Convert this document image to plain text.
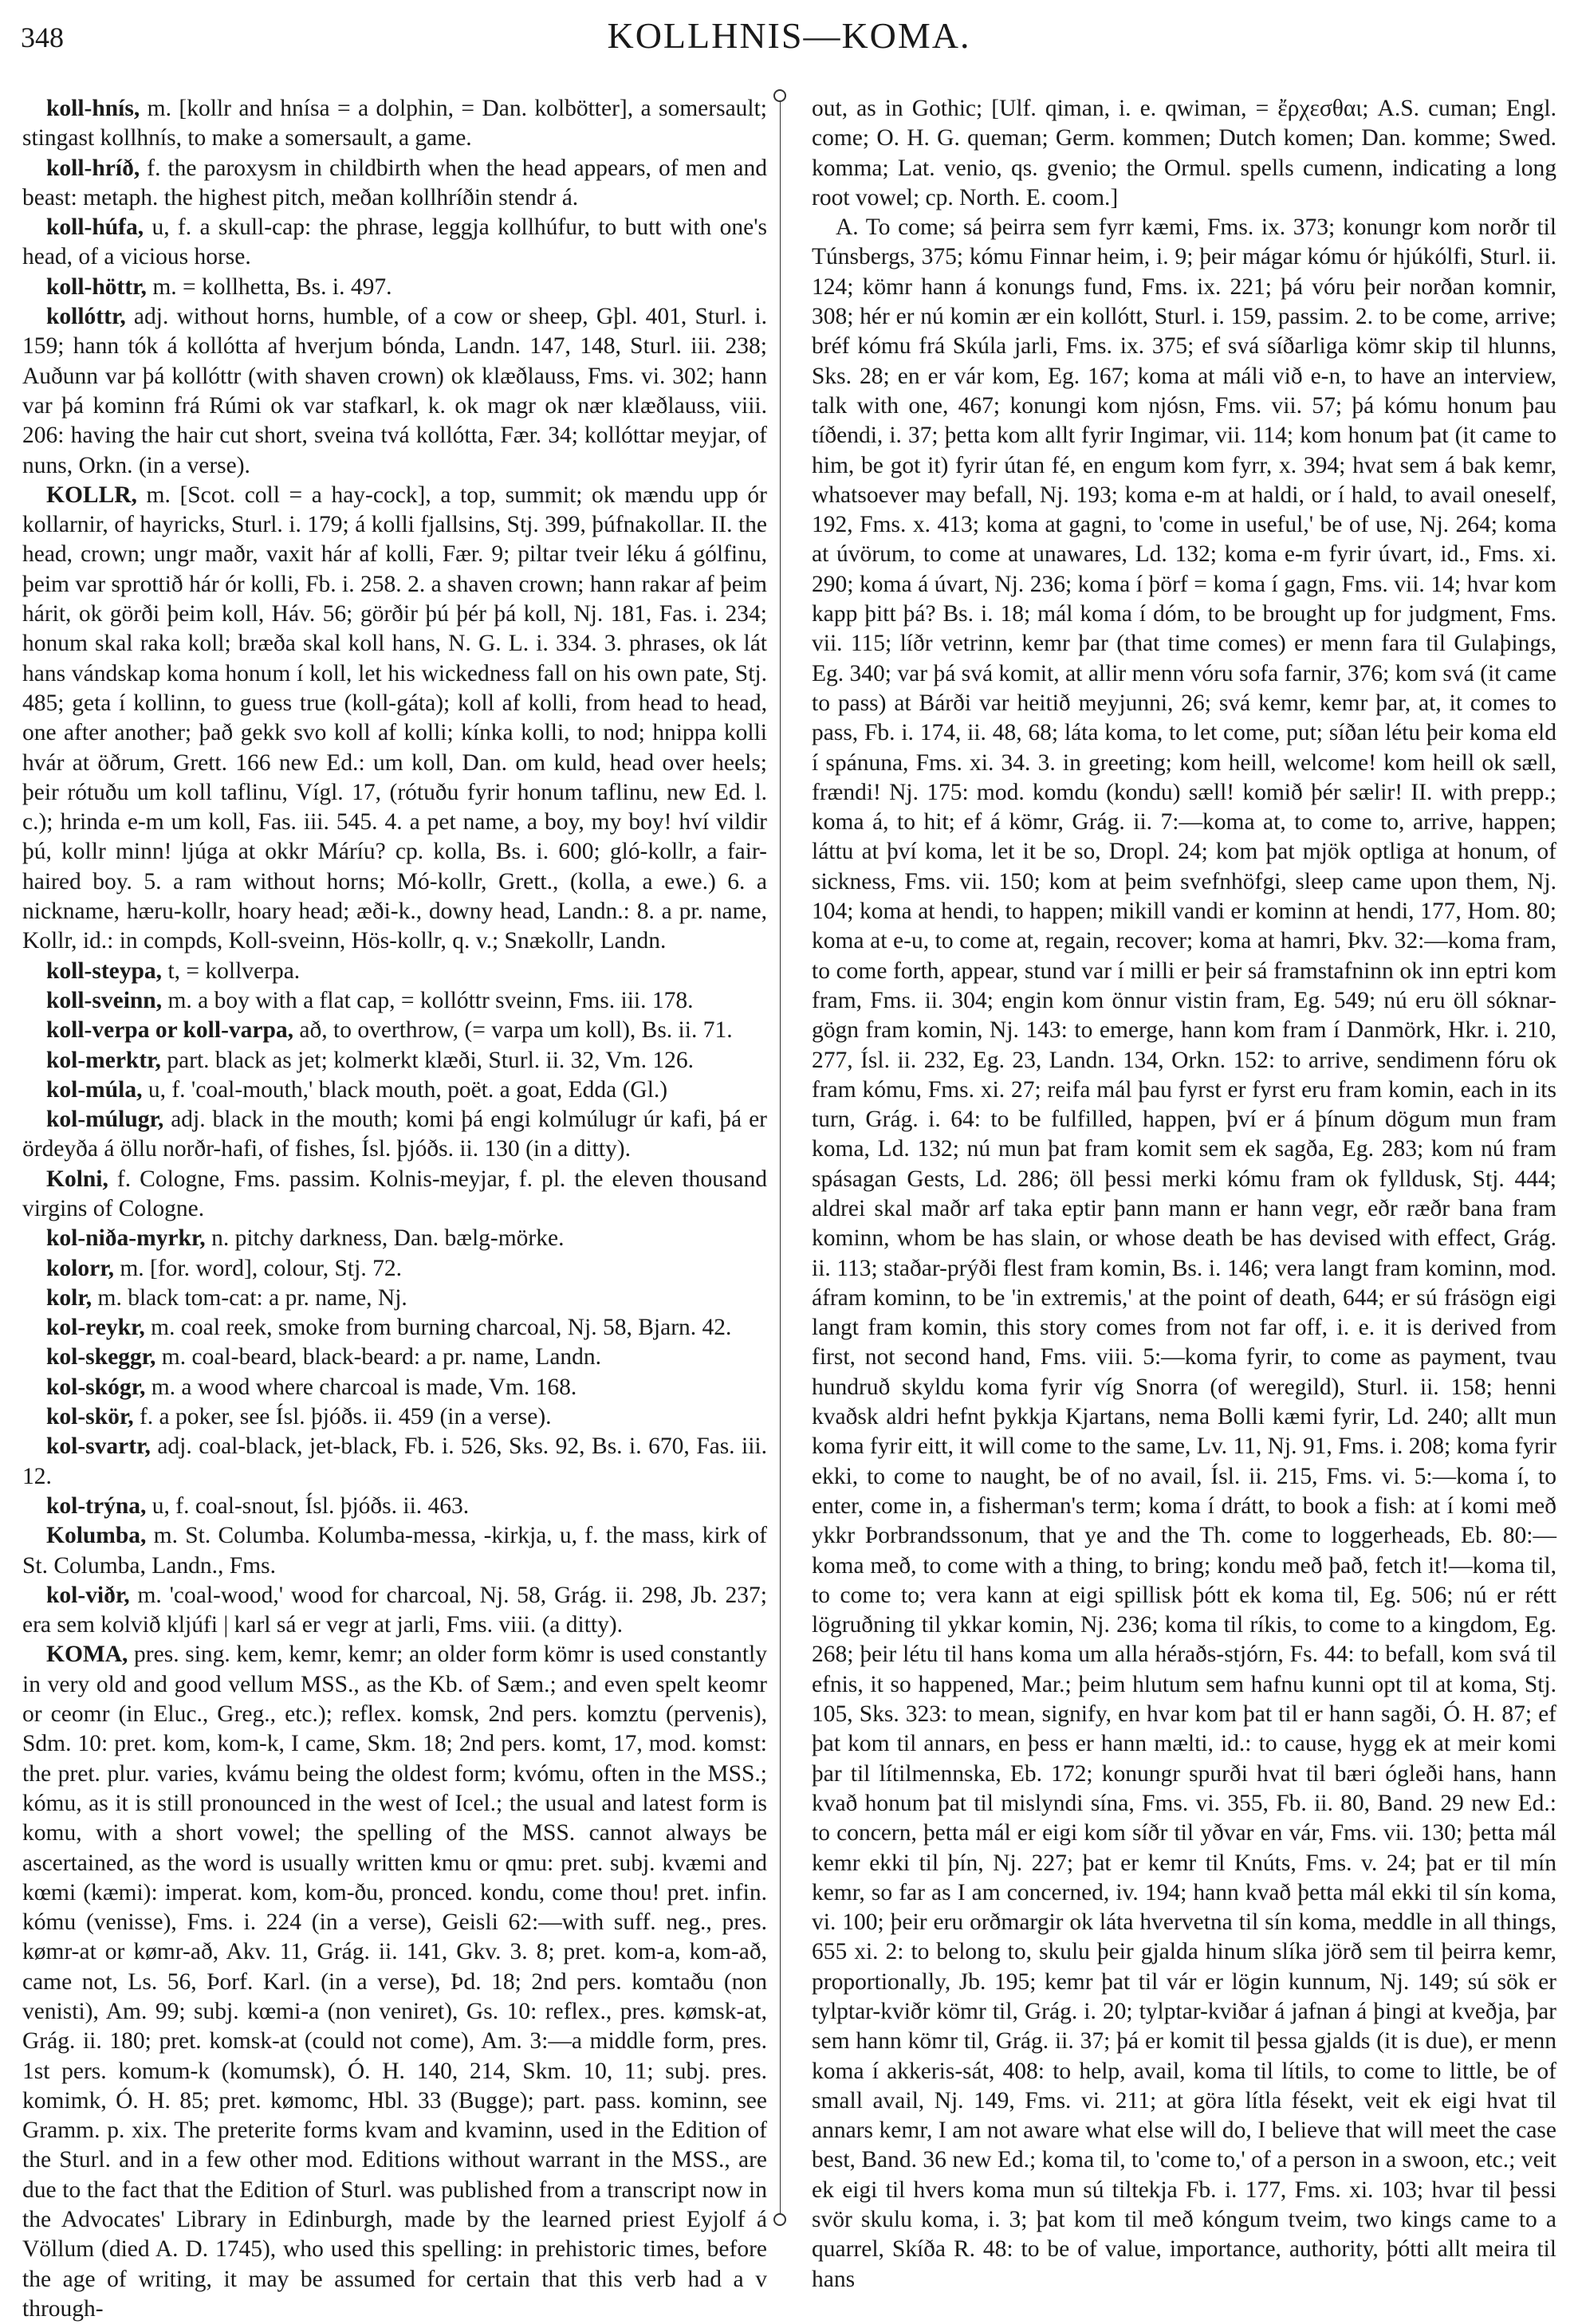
348	KOLLHNIS—KOMA.

koll-hnís, m. [kollr and hnísa = a dolphin, = Dan. kolbötter], a somersault; stingast kollhnís, to make a somersault, a game.

koll-hríð, f. the paroxysm in childbirth when the head appears, of men and beast: metaph. the highest pitch, meðan kollhríðin stendr á.

koll-húfa, u, f. a skull-cap: the phrase, leggja kollhúfur, to butt with one's head, of a vicious horse.

koll-höttr, m. = kollhetta, Bs. i. 497.

kollóttr, adj. without horns, humble, of a cow or sheep, Gþl. 401, Sturl. i. 159; hann tók á kollótta af hverjum bónda, Landn. 147, 148, Sturl. iii. 238; Auðunn var þá kollóttr (with shaven crown) ok klæðlauss, Fms. vi. 302; hann var þá kominn frá Rúmi ok var stafkarl, k. ok magr ok nær klæðlauss, viii. 206: having the hair cut short, sveina tvá kollótta, Fær. 34; kollóttar meyjar, of nuns, Orkn. (in a verse).

KOLLR, m. [Scot. coll = a hay-cock], a top, summit; ok mændu upp ór kollarnir, of hayricks, Sturl. i. 179; á kolli fjallsins, Stj. 399, þúfnakollar. II. the head, crown; ungr maðr, vaxit hár af kolli, Fær. 9; piltar tveir léku á gólfinu, þeim var sprottið hár ór kolli, Fb. i. 258. 2. a shaven crown; hann rakar af þeim hárit, ok görði þeim koll, Háv. 56; görðir þú þér þá koll, Nj. 181, Fas. i. 234; honum skal raka koll; bræða skal koll hans, N. G. L. i. 334. 3. phrases, ok lát hans vándskap koma honum í koll, let his wickedness fall on his own pate, Stj. 485; geta í kollinn, to guess true (koll-gáta); koll af kolli, from head to head, one after another; það gekk svo koll af kolli; kínka kolli, to nod; hnippa kolli hvár at öðrum, Grett. 166 new Ed.: um koll, Dan. om kuld, head over heels; þeir rótuðu um koll taflinu, Vígl. 17, (rótuðu fyrir honum taflinu, new Ed. l. c.); hrinda e-m um koll, Fas. iii. 545. 4. a pet name, a boy, my boy! hví vildir þú, kollr minn! ljúga at okkr Máríu? cp. kolla, Bs. i. 600; gló-kollr, a fair-haired boy. 5. a ram without horns; Mó-kollr, Grett., (kolla, a ewe.) 6. a nickname, hæru-kollr, hoary head; æði-k., downy head, Landn.: 8. a pr. name, Kollr, id.: in compds, Koll-sveinn, Hös-kollr, q. v.; Snækollr, Landn.

koll-steypa, t, = kollverpa.

koll-sveinn, m. a boy with a flat cap, = kollóttr sveinn, Fms. iii. 178.

koll-verpa or koll-varpa, að, to overthrow, (= varpa um koll), Bs. ii. 71.

kol-merktr, part. black as jet; kolmerkt klæði, Sturl. ii. 32, Vm. 126.

kol-múla, u, f. 'coal-mouth,' black mouth, poët. a goat, Edda (Gl.)

kol-múlugr, adj. black in the mouth; komi þá engi kolmúlugr úr kafi, þá er ördeyða á öllu norðr-hafi, of fishes, Ísl. þjóðs. ii. 130 (in a ditty).

Kolni, f. Cologne, Fms. passim. Kolnis-meyjar, f. pl. the eleven thousand virgins of Cologne.

kol-niða-myrkr, n. pitchy darkness, Dan. bælg-mörke.

kolorr, m. [for. word], colour, Stj. 72.

kolr, m. black tom-cat: a pr. name, Nj.

kol-reykr, m. coal reek, smoke from burning charcoal, Nj. 58, Bjarn. 42.

kol-skeggr, m. coal-beard, black-beard: a pr. name, Landn.

kol-skógr, m. a wood where charcoal is made, Vm. 168.

kol-skör, f. a poker, see Ísl. þjóðs. ii. 459 (in a verse).

kol-svartr, adj. coal-black, jet-black, Fb. i. 526, Sks. 92, Bs. i. 670, Fas. iii. 12.

kol-trýna, u, f. coal-snout, Ísl. þjóðs. ii. 463.

Kolumba, m. St. Columba. Kolumba-messa, -kirkja, u, f. the mass, kirk of St. Columba, Landn., Fms.

kol-viðr, m. 'coal-wood,' wood for charcoal, Nj. 58, Grág. ii. 298, Jb. 237; era sem kolvið kljúfi | karl sá er vegr at jarli, Fms. viii. (a ditty).

KOMA, pres. sing. kem, kemr, kemr; an older form kömr is used constantly in very old and good vellum MSS., as the Kb. of Sæm.; and even spelt keomr or ceomr (in Eluc., Greg., etc.); reflex. komsk, 2nd pers. komztu (pervenis), Sdm. 10: pret. kom, kom-k, I came, Skm. 18; 2nd pers. komt, 17, mod. komst: the pret. plur. varies, kvámu being the oldest form; kvómu, often in the MSS.; kómu, as it is still pronounced in the west of Icel.; the usual and latest form is komu, with a short vowel; the spelling of the MSS. cannot always be ascertained, as the word is usually written kmu or qmu: pret. subj. kvæmi and kœmi (kæmi): imperat. kom, kom-ðu, pronced. kondu, come thou! pret. infin. kómu (venisse), Fms. i. 224 (in a verse), Geisli 62:—with suff. neg., pres. kømr-at or kømr-að, Akv. 11, Grág. ii. 141, Gkv. 3. 8; pret. kom-a, kom-að, came not, Ls. 56, Þorf. Karl. (in a verse), Þd. 18; 2nd pers. komtaðu (non venisti), Am. 99; subj. kœmi-a (non veniret), Gs. 10: reflex., pres. kømsk-at, Grág. ii. 180; pret. komsk-at (could not come), Am. 3:—a middle form, pres. 1st pers. komum-k (komumsk), Ó. H. 140, 214, Skm. 10, 11; subj. pres. komimk, Ó. H. 85; pret. kømomc, Hbl. 33 (Bugge); part. pass. kominn, see Gramm. p. xix. The preterite forms kvam and kvaminn, used in the Edition of the Sturl. and in a few other mod. Editions without warrant in the MSS., are due to the fact that the Edition of Sturl. was published from a transcript now in the Advocates' Library in Edinburgh, made by the learned priest Eyjolf á Völlum (died A. D. 1745), who used this spelling: in prehistoric times, before the age of writing, it may be assumed for certain that this verb had a v through-

out, as in Gothic; [Ulf. qiman, i. e. qwiman, = ἔρχεσθαι; A.S. cuman; Engl. come; O. H. G. queman; Germ. kommen; Dutch komen; Dan. komme; Swed. komma; Lat. venio, qs. gvenio; the Ormul. spells cumenn, indicating a long root vowel; cp. North. E. coom.]

A. To come; sá þeirra sem fyrr kæmi, Fms. ix. 373; konungr kom norðr til Túnsbergs, 375; kómu Finnar heim, i. 9; þeir mágar kómu ór hjúkólfi, Sturl. ii. 124; kömr hann á konungs fund, Fms. ix. 221; þá vóru þeir norðan komnir, 308; hér er nú komin ær ein kollótt, Sturl. i. 159, passim. 2. to be come, arrive; bréf kómu frá Skúla jarli, Fms. ix. 375; ef svá síðarliga kömr skip til hlunns, Sks. 28; en er vár kom, Eg. 167; koma at máli við e-n, to have an interview, talk with one, 467; konungi kom njósn, Fms. vii. 57; þá kómu honum þau tíðendi, i. 37; þetta kom allt fyrir Ingimar, vii. 114; kom honum þat (it came to him, be got it) fyrir útan fé, en engum kom fyrr, x. 394; hvat sem á bak kemr, whatsoever may befall, Nj. 193; koma e-m at haldi, or í hald, to avail oneself, 192, Fms. x. 413; koma at gagni, to 'come in useful,' be of use, Nj. 264; koma at úvörum, to come at unawares, Ld. 132; koma e-m fyrir úvart, id., Fms. xi. 290; koma á úvart, Nj. 236; koma í þörf = koma í gagn, Fms. vii. 14; hvar kom kapp þitt þá? Bs. i. 18; mál koma í dóm, to be brought up for judgment, Fms. vii. 115; líðr vetrinn, kemr þar (that time comes) er menn fara til Gulaþings, Eg. 340; var þá svá komit, at allir menn vóru sofa farnir, 376; kom svá (it came to pass) at Bárði var heitið meyjunni, 26; svá kemr, kemr þar, at, it comes to pass, Fb. i. 174, ii. 48, 68; láta koma, to let come, put; síðan létu þeir koma eld í spánuna, Fms. xi. 34. 3. in greeting; kom heill, welcome! kom heill ok sæll, frændi! Nj. 175: mod. komdu (kondu) sæll! komið þér sælir! II. with prepp.; koma á, to hit; ef á kömr, Grág. ii. 7:—koma at, to come to, arrive, happen; láttu at því koma, let it be so, Dropl. 24; kom þat mjök optliga at honum, of sickness, Fms. vii. 150; kom at þeim svefnhöfgi, sleep came upon them, Nj. 104; koma at hendi, to happen; mikill vandi er kominn at hendi, 177, Hom. 80; koma at e-u, to come at, regain, recover; koma at hamri, Þkv. 32:—koma fram, to come forth, appear, stund var í milli er þeir sá framstafninn ok inn eptri kom fram, Fms. ii. 304; engin kom önnur vistin fram, Eg. 549; nú eru öll sóknar-gögn fram komin, Nj. 143: to emerge, hann kom fram í Danmörk, Hkr. i. 210, 277, Ísl. ii. 232, Eg. 23, Landn. 134, Orkn. 152: to arrive, sendimenn fóru ok fram kómu, Fms. xi. 27; reifa mál þau fyrst er fyrst eru fram komin, each in its turn, Grág. i. 64: to be fulfilled, happen, því er á þínum dögum mun fram koma, Ld. 132; nú mun þat fram komit sem ek sagða, Eg. 283; kom nú fram spásagan Gests, Ld. 286; öll þessi merki kómu fram ok fylldusk, Stj. 444; aldrei skal maðr arf taka eptir þann mann er hann vegr, eðr ræðr bana fram kominn, whom be has slain, or whose death be has devised with effect, Grág. ii. 113; staðar-prýði flest fram komin, Bs. i. 146; vera langt fram kominn, mod. áfram kominn, to be 'in extremis,' at the point of death, 644; er sú frásögn eigi langt fram komin, this story comes from not far off, i. e. it is derived from first, not second hand, Fms. viii. 5:—koma fyrir, to come as payment, tvau hundruð skyldu koma fyrir víg Snorra (of weregild), Sturl. ii. 158; henni kvaðsk aldri hefnt þykkja Kjartans, nema Bolli kæmi fyrir, Ld. 240; allt mun koma fyrir eitt, it will come to the same, Lv. 11, Nj. 91, Fms. i. 208; koma fyrir ekki, to come to naught, be of no avail, Ísl. ii. 215, Fms. vi. 5:—koma í, to enter, come in, a fisherman's term; koma í drátt, to book a fish: at í komi með ykkr Þorbrandssonum, that ye and the Th. come to loggerheads, Eb. 80:—koma með, to come with a thing, to bring; kondu með það, fetch it!—koma til, to come to; vera kann at eigi spillisk þótt ek koma til, Eg. 506; nú er rétt lögruðning til ykkar komin, Nj. 236; koma til ríkis, to come to a kingdom, Eg. 268; þeir létu til hans koma um alla héraðs-stjórn, Fs. 44: to befall, kom svá til efnis, it so happened, Mar.; þeim hlutum sem hafnu kunni opt til at koma, Stj. 105, Sks. 323: to mean, signify, en hvar kom þat til er hann sagði, Ó. H. 87; ef þat kom til annars, en þess er hann mælti, id.: to cause, hygg ek at meir komi þar til lítilmennska, Eb. 172; konungr spurði hvat til bæri ógleði hans, hann kvað honum þat til mislyndi sína, Fms. vi. 355, Fb. ii. 80, Band. 29 new Ed.: to concern, þetta mál er eigi kom síðr til yðvar en vár, Fms. vii. 130; þetta mál kemr ekki til þín, Nj. 227; þat er kemr til Knúts, Fms. v. 24; þat er til mín kemr, so far as I am concerned, iv. 194; hann kvað þetta mál ekki til sín koma, vi. 100; þeir eru orðmargir ok láta hvervetna til sín koma, meddle in all things, 655 xi. 2: to belong to, skulu þeir gjalda hinum slíka jörð sem til þeirra kemr, proportionally, Jb. 195; kemr þat til vár er lögin kunnum, Nj. 149; sú sök er tylptar-kviðr kömr til, Grág. i. 20; tylptar-kviðar á jafnan á þingi at kveðja, þar sem hann kömr til, Grág. ii. 37; þá er komit til þessa gjalds (it is due), er menn koma í akkeris-sát, 408: to help, avail, koma til lítils, to come to little, be of small avail, Nj. 149, Fms. vi. 211; at göra lítla fésekt, veit ek eigi hvat til annars kemr, I am not aware what else will do, I believe that will meet the case best, Band. 36 new Ed.; koma til, to 'come to,' of a person in a swoon, etc.; veit ek eigi til hvers koma mun sú tiltekja Fb. i. 177, Fms. xi. 103; hvar til þessi svör skulu koma, i. 3; þat kom til með kóngum tveim, two kings came to a quarrel, Skíða R. 48: to be of value, importance, authority, þótti allt meira til hans
